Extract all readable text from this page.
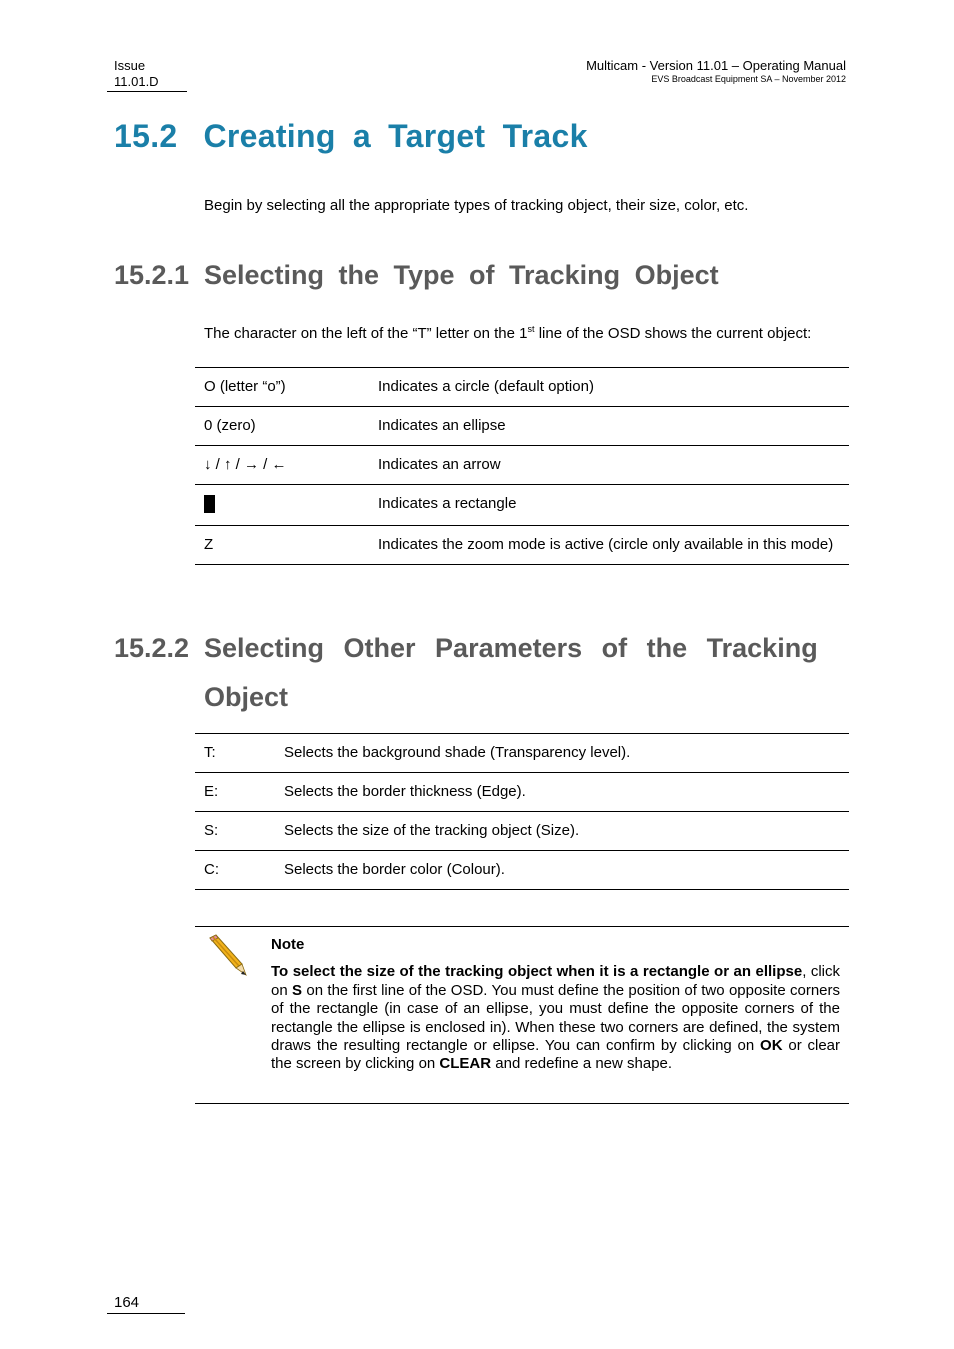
Issue
11.01.D
Multicam - Version 11.01 – Operating Manual
EVS Broadcast Equipment SA – November 2012
15.2 Creating a Target Track
Begin by selecting all the appropriate types of tracking object, their size, color, etc.
15.2.1 Selecting the Type of Tracking Object
The character on the left of the “T” letter on the 1st line of the OSD shows the current object:
O (letter “o”)	Indicates a circle (default option)
0 (zero)	Indicates an ellipse
↓ / ↑ / → / ←	Indicates an arrow
	Indicates a rectangle
Z	Indicates the zoom mode is active (circle only available in this mode)
15.2.2 Selecting Other Parameters of the Tracking
Object
T:	Selects the background shade (Transparency level).
E:	Selects the border thickness (Edge).
S:	Selects the size of the tracking object (Size).
C:	Selects the border color (Colour).
Note
To select the size of the tracking object when it is a rectangle or an ellipse, click on S on the first line of the OSD. You must define the position of two opposite corners of the rectangle (in case of an ellipse, you must define the opposite corners of the rectangle the ellipse is enclosed in). When these two corners are defined, the system draws the resulting rectangle or ellipse. You can confirm by clicking on OK or clear the screen by clicking on CLEAR and redefine a new shape.
164
